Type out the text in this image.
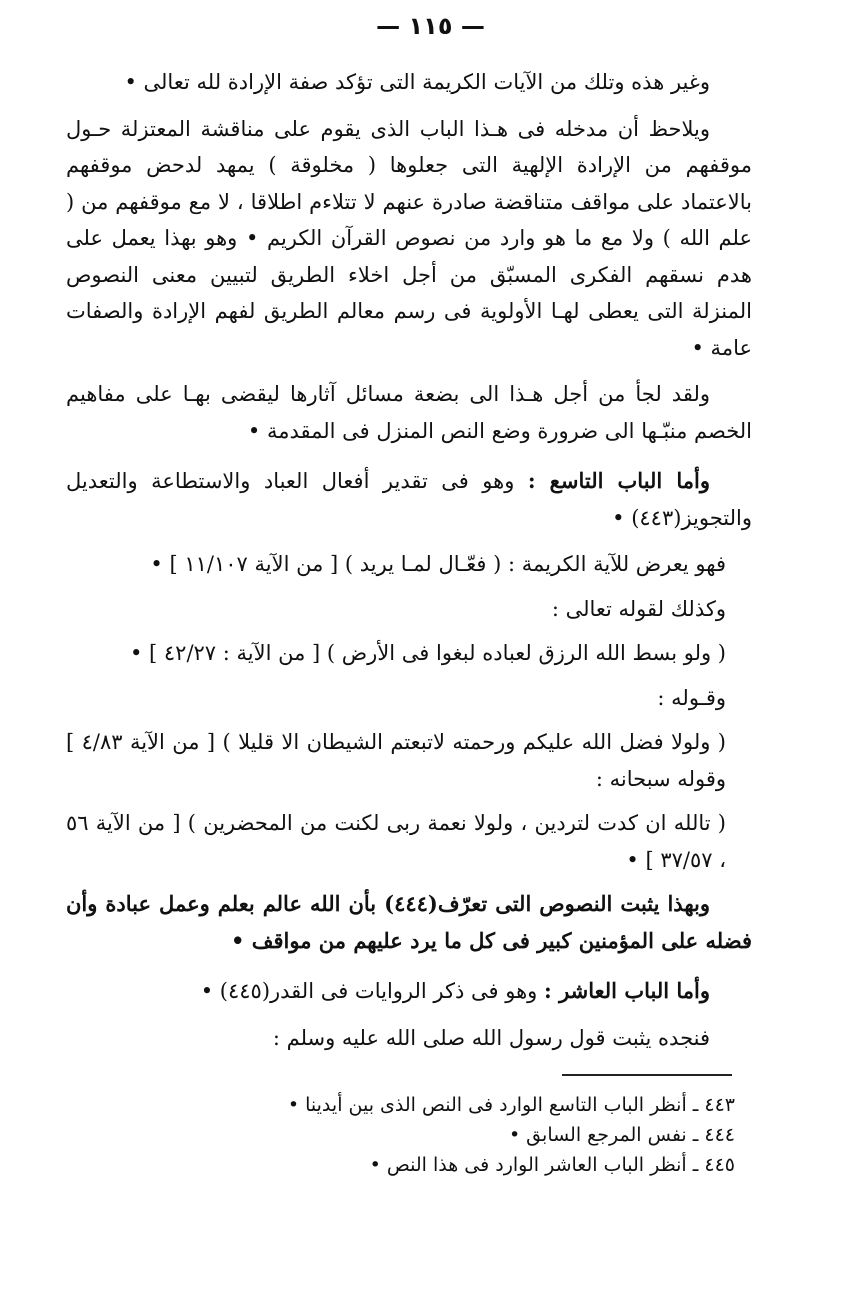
— ١١٥ —

وغير هذه وتلك من الآيات الكريمة التى تؤكد صفة الإرادة لله تعالى •

ويلاحظ أن مدخله فى هـذا الباب الذى يقوم على مناقشة المعتزلة حـول موقفهم من الإرادة الإلهية التى جعلوها ( مخلوقة ) يمهد لدحض موقفهم بالاعتماد على مواقف متناقضة صادرة عنهم لا تتلاءم اطلاقا ، لا مع موقفهم من ( علم الله ) ولا مع ما هو وارد من نصوص القرآن الكريم • وهو بهذا يعمل على هدم نسقهم الفكرى المسبّق من أجل اخلاء الطريق لتبيين معنى النصوص المنزلة التى يعطى لهـا الأولوية فى رسم معالم الطريق لفهم الإرادة والصفات عامة •

ولقد لجأ من أجل هـذا الى بضعة مسائل آثارها ليقضى بهـا على مفاهيم الخصم منبّـها الى ضرورة وضع النص المنزل فى المقدمة •

وأما الباب التاسع : وهو فى تقدير أفعال العباد والاستطاعة والتعديل والتجويز(٤٤٣) •

فهو يعرض للآية الكريمة : ( فعّـال لمـا يريد ) [ من الآية ١١/١٠٧ ] •

وكذلك لقوله تعالى :

( ولو بسط الله الرزق لعباده لبغوا فى الأرض ) [ من الآية : ٤٢/٢٧ ] •

وقـوله :

( ولولا فضل الله عليكم ورحمته لاتبعتم الشيطان الا قليلا ) [ من الآية ٤/٨٣ ] وقوله سبحانه :

( تالله ان كدت لتردين ، ولولا نعمة ربى لكنت من المحضرين ) [ من الآية ٥٦ ، ٣٧/٥٧ ] •

وبهذا يثبت النصوص التى تعرّف(٤٤٤) بأن الله عالم بعلم وعمل عبادة وأن فضله على المؤمنين كبير فى كل ما يرد عليهم من مواقف •

وأما الباب العاشر : وهو فى ذكر الروايات فى القدر(٤٤٥) •

فنجده يثبت قول رسول الله صلى الله عليه وسلم :

٤٤٣ ـ أنظر الباب التاسع الوارد فى النص الذى بين أيدينا •
٤٤٤ ـ نفس المرجع السابق •
٤٤٥ ـ أنظر الباب العاشر الوارد فى هذا النص •
